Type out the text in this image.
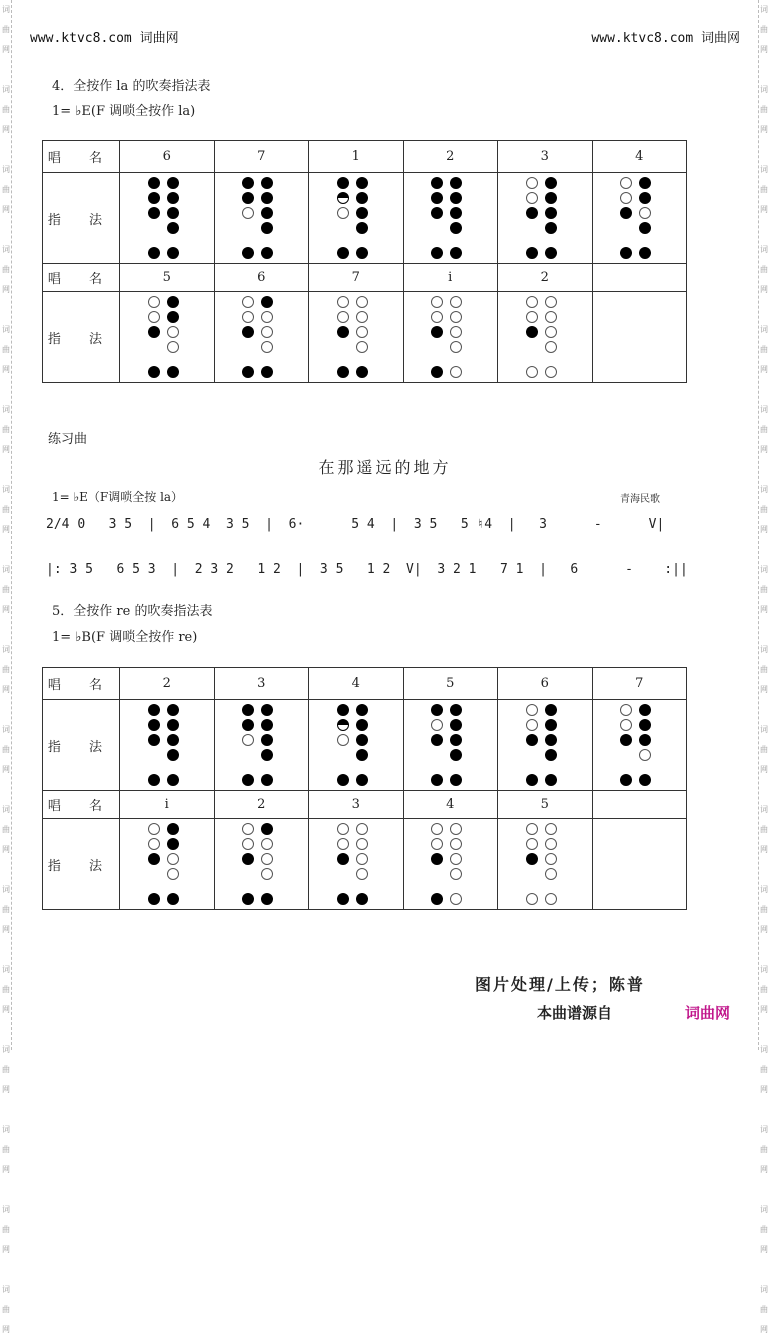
词
曲
网

词
曲
网

词
曲
网

词
曲
网

词
曲
网

词
曲
网

词
曲
网

词
曲
网

词
曲
网

词
曲
网

词
曲
网

词
曲
网

词
曲
网

词
曲
网

词
曲
网

词
曲
网

词
曲
网

词
曲
网

词
曲
网

词
曲
网

词
曲
网

词
曲
网

词
曲
网

词
曲
网

词
曲
网

词
曲
网

词
曲
网

词
曲
网

词
曲
网

词
曲
网

词
曲
网

词
曲
网

词
曲
网

词
曲
网

www.ktvc8.com 词曲网	www.ktvc8.com 词曲网
4．全按作 la 的吹奏指法表
1= ♭E(F 调唢全按作 la)
唱 名	6	7	1	2	3	4
指 法	

唱 名	5	6	7	i	2	
指 法	

练习曲
在那遥远的地方
1= ♭E（F调唢全按 la）	青海民歌
2/4 0   3 5  |  6 5 4  3 5  |  6·      5 4  |  3 5   5 ♮4  |   3      -      V|
|: 3 5   6 5 3  |  2 3 2   1 2  |  3 5   1 2  V|  3 2 1   7 1  |   6      -    :||
5．全按作 re 的吹奏指法表
1= ♭B(F 调唢全按作 re)
唱 名	2	3	4	5	6	7
指 法	

唱 名	i	2	3	4	5	
指 法	

图片处理/上传；陈普
本曲谱源自	词曲网
